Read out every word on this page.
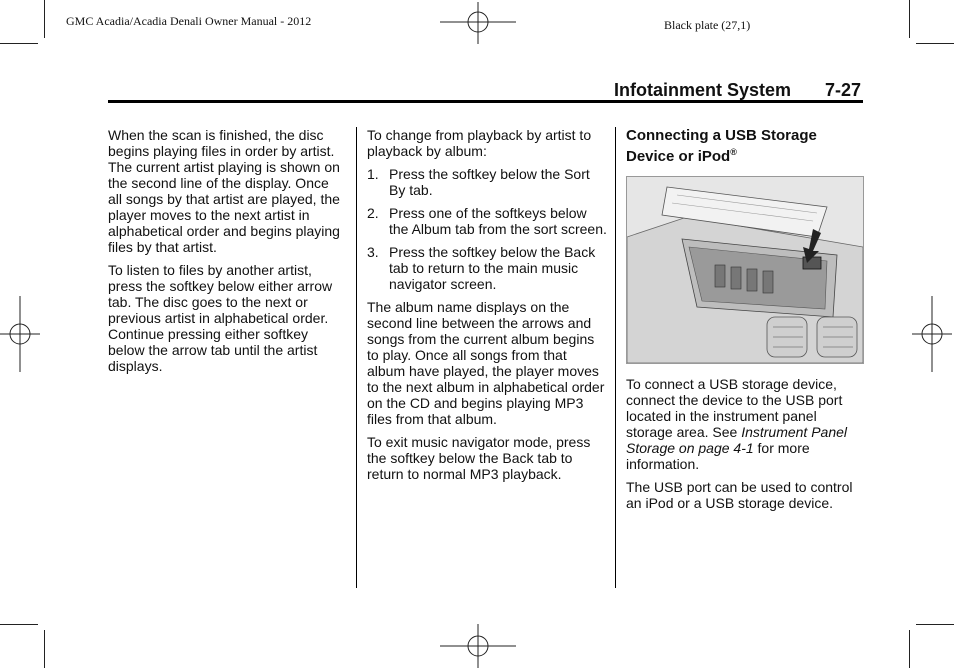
GMC Acadia/Acadia Denali Owner Manual - 2012	Black plate (27,1)
Infotainment System 7-27

When the scan is finished, the disc begins playing files in order by artist. The current artist playing is shown on the second line of the display. Once all songs by that artist are played, the player moves to the next artist in alphabetical order and begins playing files by that artist.

To listen to files by another artist, press the softkey below either arrow tab. The disc goes to the next or previous artist in alphabetical order. Continue pressing either softkey below the arrow tab until the artist displays.

To change from playback by artist to playback by album:

1. Press the softkey below the Sort By tab.
2. Press one of the softkeys below the Album tab from the sort screen.
3. Press the softkey below the Back tab to return to the main music navigator screen.

The album name displays on the second line between the arrows and songs from the current album begins to play. Once all songs from that album have played, the player moves to the next album in alphabetical order on the CD and begins playing MP3 files from that album.

To exit music navigator mode, press the softkey below the Back tab to return to normal MP3 playback.

Connecting a USB Storage Device or iPod®

To connect a USB storage device, connect the device to the USB port located in the instrument panel storage area. See Instrument Panel Storage on page 4-1 for more information.

The USB port can be used to control an iPod or a USB storage device.
